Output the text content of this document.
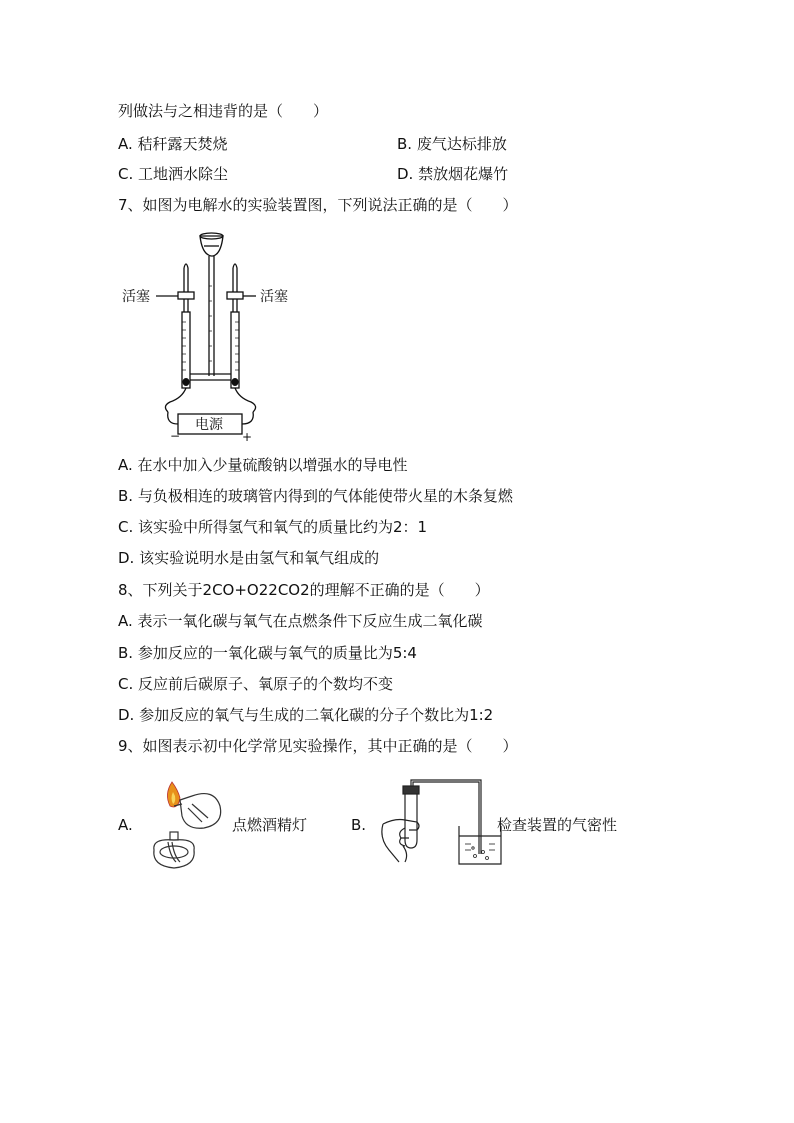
列做法与之相违背的是（　　）
A. 秸秆露天焚烧	B. 废气达标排放
C. 工地洒水除尘	D. 禁放烟花爆竹
7、如图为电解水的实验装置图，下列说法正确的是（　　）
活塞	活塞
电源
−	+
A. 在水中加入少量硫酸钠以增强水的导电性
B. 与负极相连的玻璃管内得到的气体能使带火星的木条复燃
C. 该实验中所得氢气和氧气的质量比约为2：1
D. 该实验说明水是由氢气和氧气组成的
8、下列关于2CO+O22CO2的理解不正确的是（　　）
A. 表示一氧化碳与氧气在点燃条件下反应生成二氧化碳
B. 参加反应的一氧化碳与氧气的质量比为5:4
C. 反应前后碳原子、氧原子的个数均不变
D. 参加反应的氧气与生成的二氧化碳的分子个数比为1:2
9、如图表示初中化学常见实验操作，其中正确的是（　　）
A.	点燃酒精灯	B.	检查装置的气密性
